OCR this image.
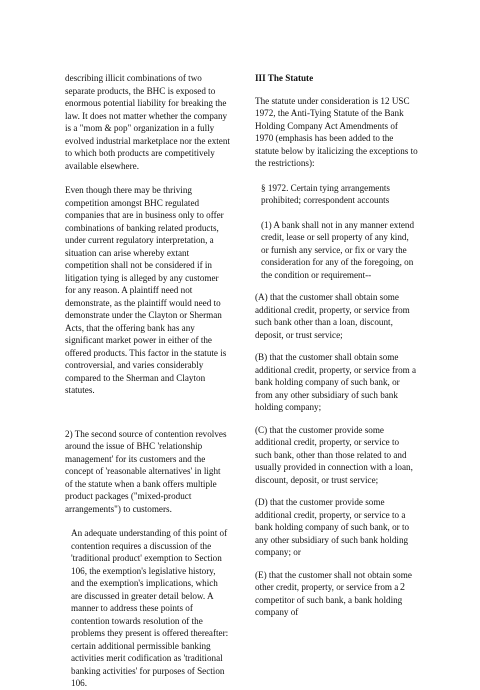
describing illicit combinations of two separate products, the BHC is exposed to enormous potential liability for breaking the law. It does not matter whether the company is a "mom & pop" organization in a fully evolved industrial marketplace nor the extent to which both products are competitively available elsewhere.

Even though there may be thriving competition amongst BHC regulated companies that are in business only to offer combinations of banking related products, under current regulatory interpretation, a situation can arise whereby extant competition shall not be considered if in litigation tying is alleged by any customer for any reason. A plaintiff need not demonstrate, as the plaintiff would need to demonstrate under the Clayton or Sherman Acts, that the offering bank has any significant market power in either of the offered products. This factor in the statute is controversial, and varies considerably compared to the Sherman and Clayton statutes.

2) The second source of contention revolves around the issue of BHC 'relationship management' for its customers and the concept of 'reasonable alternatives' in light of the statute when a bank offers multiple product packages ("mixed-product arrangements") to customers.

An adequate understanding of this point of contention requires a discussion of the 'traditional product' exemption to Section 106, the exemption's legislative history, and the exemption's implications, which are discussed in greater detail below. A manner to address these points of contention towards resolution of the problems they present is offered thereafter: certain additional permissible banking activities merit codification as 'traditional banking activities' for purposes of Section 106.

III The Statute

The statute under consideration is 12 USC 1972, the Anti-Tying Statute of the Bank Holding Company Act Amendments of 1970 (emphasis has been added to the statute below by italicizing the exceptions to the restrictions):

§ 1972. Certain tying arrangements prohibited; correspondent accounts

(1) A bank shall not in any manner extend credit, lease or sell property of any kind, or furnish any service, or fix or vary the consideration for any of the foregoing, on the condition or requirement--

(A) that the customer shall obtain some additional credit, property, or service from such bank other than a loan, discount, deposit, or trust service;

(B) that the customer shall obtain some additional credit, property, or service from a bank holding company of such bank, or from any other subsidiary of such bank holding company;

(C) that the customer provide some additional credit, property, or service to such bank, other than those related to and usually provided in connection with a loan, discount, deposit, or trust service;

(D) that the customer provide some additional credit, property, or service to a bank holding company of such bank, or to any other subsidiary of such bank holding company; or

(E) that the customer shall not obtain some other credit, property, or service from a competitor of such bank, a bank holding company of

2
